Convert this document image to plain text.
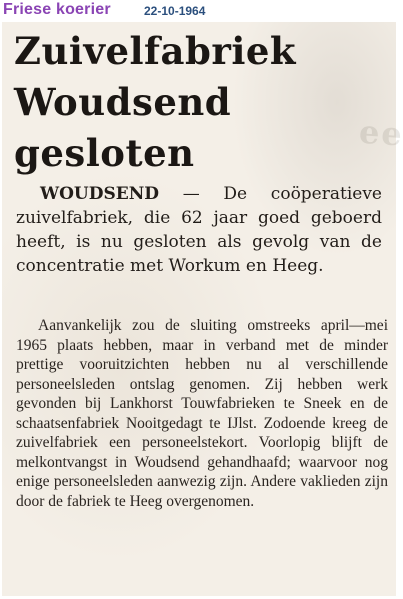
Friese koerier	22-10-1964
ɘɘ
Zuivelfabriek
Woudsend
gesloten
WOUDSEND — De coöperatieve zuivelfabriek, die 62 jaar goed geboerd heeft, is nu gesloten als gevolg van de concentratie met Workum en Heeg.

Aanvankelijk zou de sluiting omstreeks april—mei 1965 plaats hebben, maar in verband met de minder prettige vooruitzichten hebben nu al verschillende personeelsleden ontslag genomen. Zij hebben werk gevonden bij Lankhorst Touwfabrieken te Sneek en de schaatsenfabriek Nooitgedagt te IJlst. Zodoende kreeg de zuivelfabriek een personeelstekort. Voorlopig blijft de melkontvangst in Woudsend gehandhaafd; waarvoor nog enige personeelsleden aanwezig zijn. Andere vaklieden zijn door de fabriek te Heeg overgenomen.
